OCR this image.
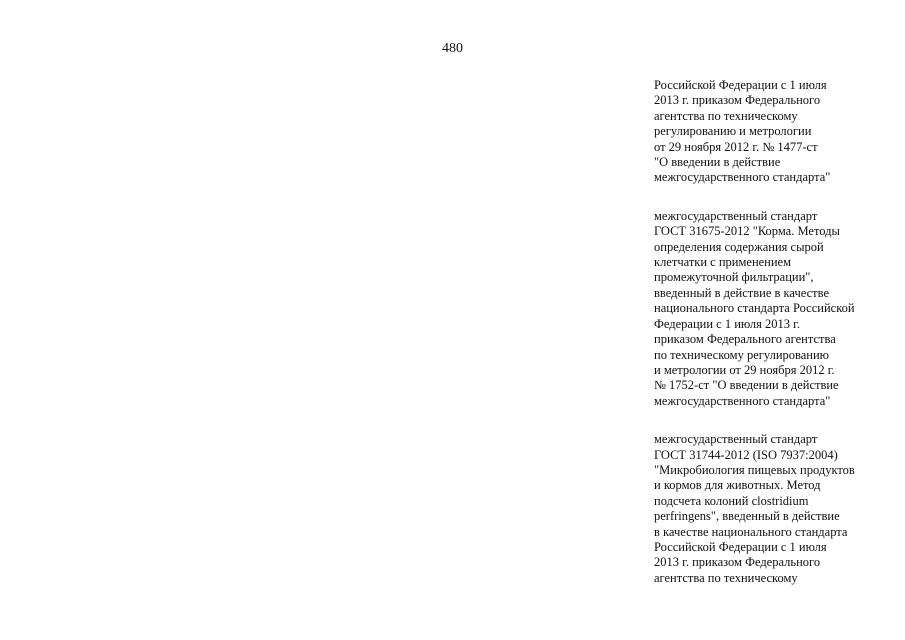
480
Российской Федерации с 1 июля
2013 г. приказом Федерального
агентства по техническому
регулированию и метрологии
от 29 ноября 2012 г. № 1477-ст
"О введении в действие
межгосударственного стандарта"
межгосударственный стандарт
ГОСТ 31675-2012 "Корма. Методы
определения содержания сырой
клетчатки с применением
промежуточной фильтрации",
введенный в действие в качестве
национального стандарта Российской
Федерации с 1 июля 2013 г.
приказом Федерального агентства
по техническому регулированию
и метрологии от 29 ноября 2012 г.
№ 1752-ст "О введении в действие
межгосударственного стандарта"
межгосударственный стандарт
ГОСТ 31744-2012 (ISO 7937:2004)
"Микробиология пищевых продуктов
и кормов для животных. Метод
подсчета колоний clostridium
perfringens", введенный в действие
в качестве национального стандарта
Российской Федерации с 1 июля
2013 г. приказом Федерального
агентства по техническому
